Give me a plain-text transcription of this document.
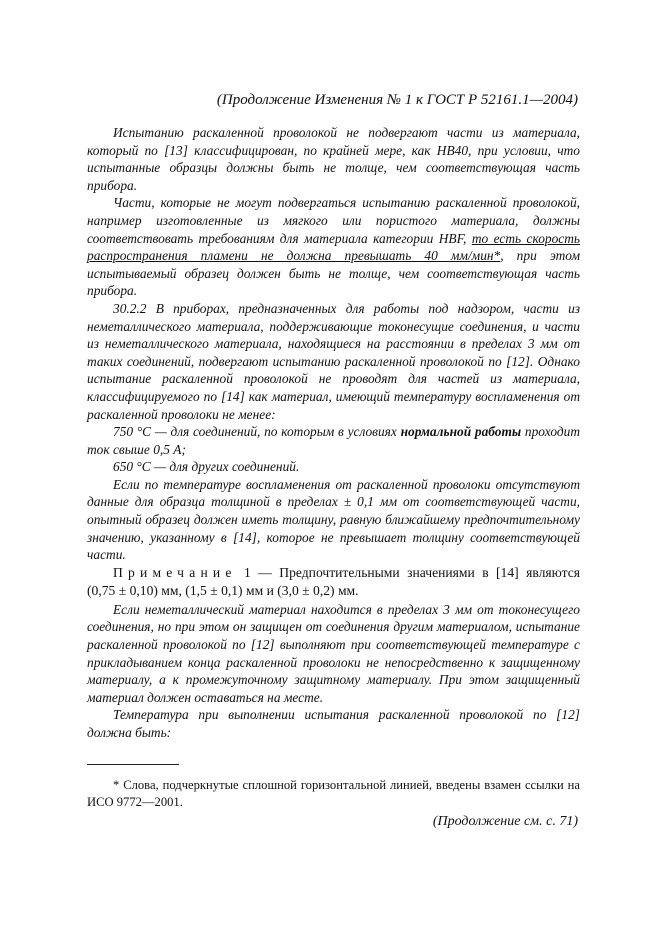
(Продолжение Изменения № 1 к ГОСТ Р 52161.1—2004)

Испытанию раскаленной проволокой не подвергают части из материала, который по [13] классифицирован, по крайней мере, как HB40, при условии, что испытанные образцы должны быть не толще, чем соответствующая часть прибора.

Части, которые не могут подвергаться испытанию раскаленной проволокой, например изготовленные из мягкого или пористого материала, должны соответствовать требованиям для материала категории HBF, то есть скорость распространения пламени не должна превышать 40 мм/мин*, при этом испытываемый образец должен быть не толще, чем соответствующая часть прибора.

30.2.2 В приборах, предназначенных для работы под надзором, части из неметаллического материала, поддерживающие токонесущие соединения, и части из неметаллического материала, находящиеся на расстоянии в пределах 3 мм от таких соединений, подвергают испытанию раскаленной проволокой по [12]. Однако испытание раскаленной проволокой не проводят для частей из материала, классифицируемого по [14] как материал, имеющий температуру воспламенения от раскаленной проволоки не менее:

750 °С — для соединений, по которым в условиях нормальной работы проходит ток свыше 0,5 А;

650 °С — для других соединений.

Если по температуре воспламенения от раскаленной проволоки отсутствуют данные для образца толщиной в пределах ± 0,1 мм от соответствующей части, опытный образец должен иметь толщину, равную ближайшему предпочтительному значению, указанному в [14], которое не превышает толщину соответствующей части.

Примечание 1 — Предпочтительными значениями в [14] являются (0,75 ± 0,10) мм, (1,5 ± 0,1) мм и (3,0 ± 0,2) мм.

Если неметаллический материал находится в пределах 3 мм от токонесущего соединения, но при этом он защищен от соединения другим материалом, испытание раскаленной проволокой по [12] выполняют при соответствующей температуре с прикладыванием конца раскаленной проволоки не непосредственно к защищенному материалу, а к промежуточному защитному материалу. При этом защищенный материал должен оставаться на месте.

Температура при выполнении испытания раскаленной проволокой по [12] должна быть:

* Слова, подчеркнутые сплошной горизонтальной линией, введены взамен ссылки на ИСО 9772—2001.
(Продолжение см. с. 71)
